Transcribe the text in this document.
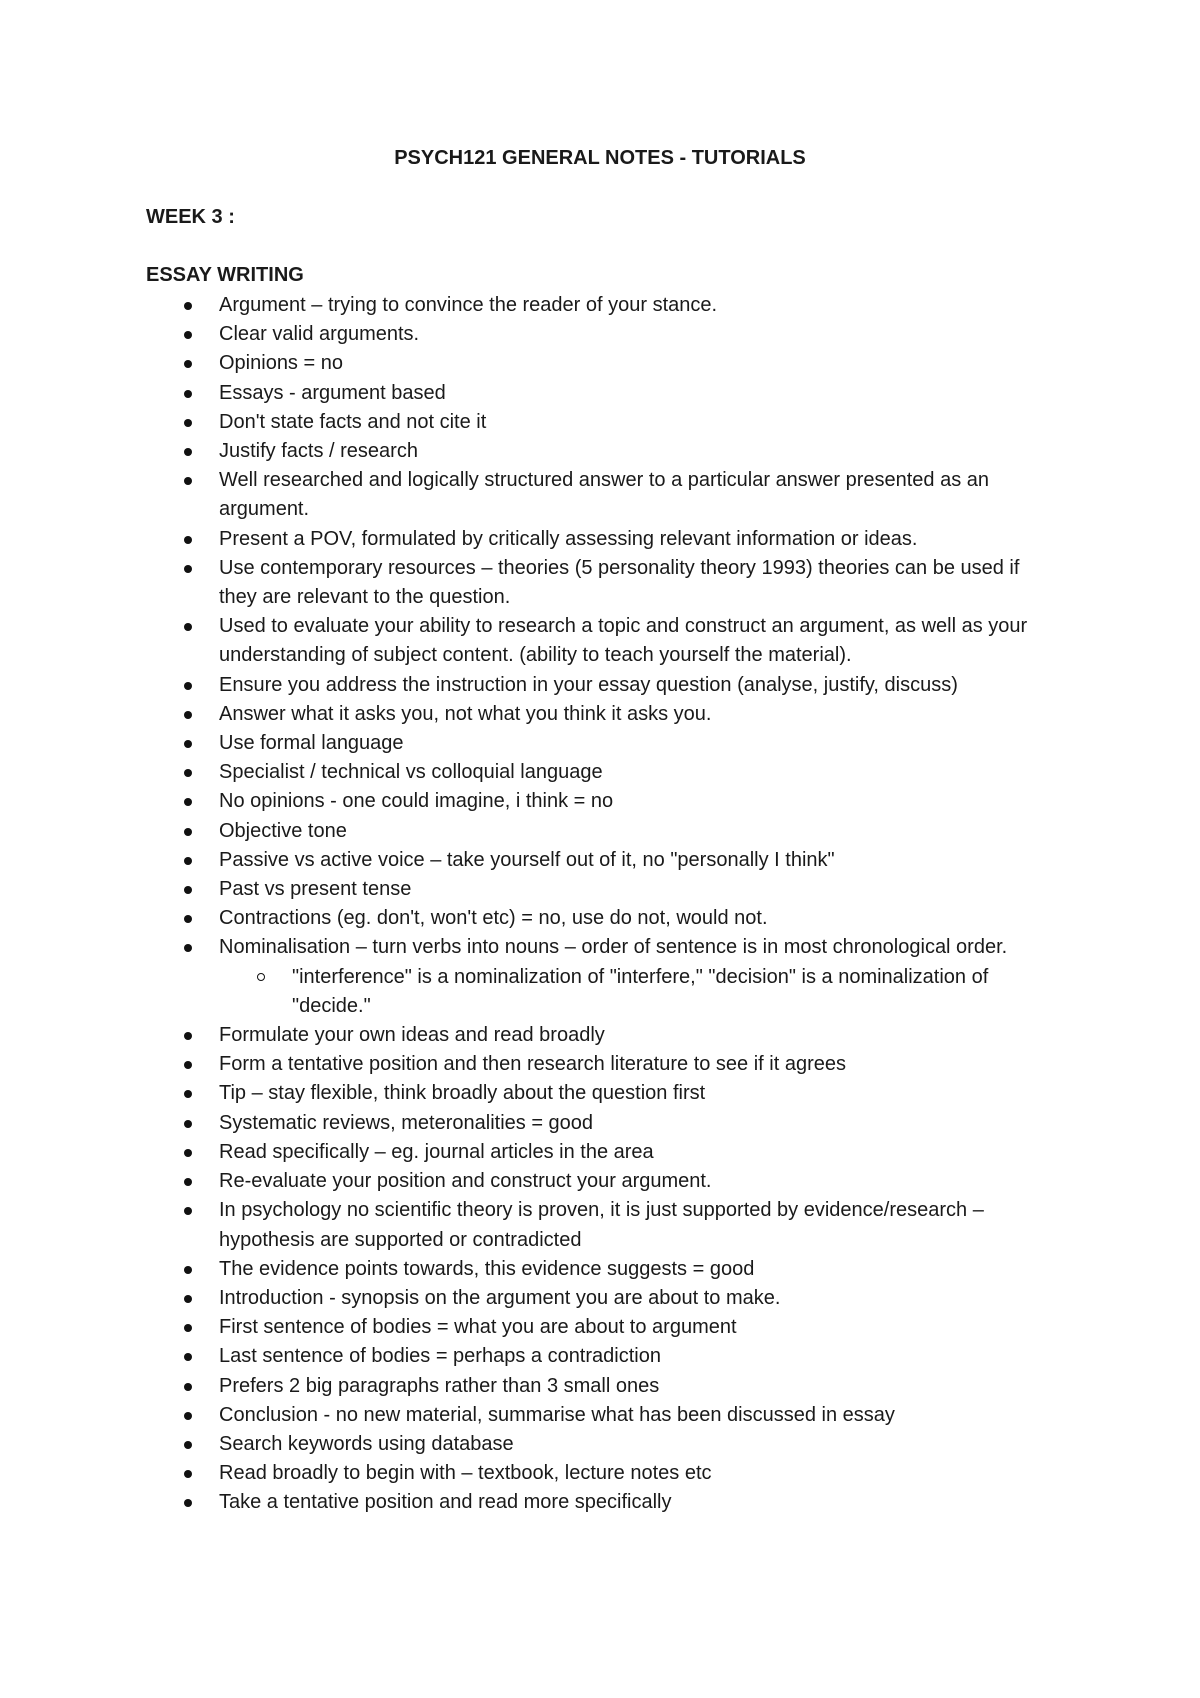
PSYCH121 GENERAL NOTES - TUTORIALS
WEEK 3 :
ESSAY WRITING
Argument – trying to convince the reader of your stance.
Clear valid arguments.
Opinions = no
Essays - argument based
Don't state facts and not cite it
Justify facts / research
Well researched and logically structured answer to a particular answer presented as an argument.
Present a POV, formulated by critically assessing relevant information or ideas.
Use contemporary resources – theories (5 personality theory 1993) theories can be used if they are relevant to the question.
Used to evaluate your ability to research a topic and construct an argument, as well as your understanding of subject content. (ability to teach yourself the material).
Ensure you address the instruction in your essay question (analyse, justify, discuss)
Answer what it asks you, not what you think it asks you.
Use formal language
Specialist / technical vs colloquial language
No opinions - one could imagine, i think = no
Objective tone
Passive vs active voice – take yourself out of it, no "personally I think"
Past vs present tense
Contractions (eg. don't, won't etc) = no, use do not, would not.
Nominalisation – turn verbs into nouns – order of sentence is in most chronological order.
"interference" is a nominalization of "interfere," "decision" is a nominalization of "decide."
Formulate your own ideas and read broadly
Form a tentative position and then research literature to see if it agrees
Tip – stay flexible, think broadly about the question first
Systematic reviews, meteronalities = good
Read specifically – eg. journal articles in the area
Re-evaluate your position and construct your argument.
In psychology no scientific theory is proven, it is just supported by evidence/research – hypothesis are supported or contradicted
The evidence points towards, this evidence suggests = good
Introduction - synopsis on the argument you are about to make.
First sentence of bodies = what you are about to argument
Last sentence of bodies = perhaps a contradiction
Prefers 2 big paragraphs rather than 3 small ones
Conclusion - no new material, summarise what has been discussed in essay
Search keywords using database
Read broadly to begin with – textbook, lecture notes etc
Take a tentative position and read more specifically
